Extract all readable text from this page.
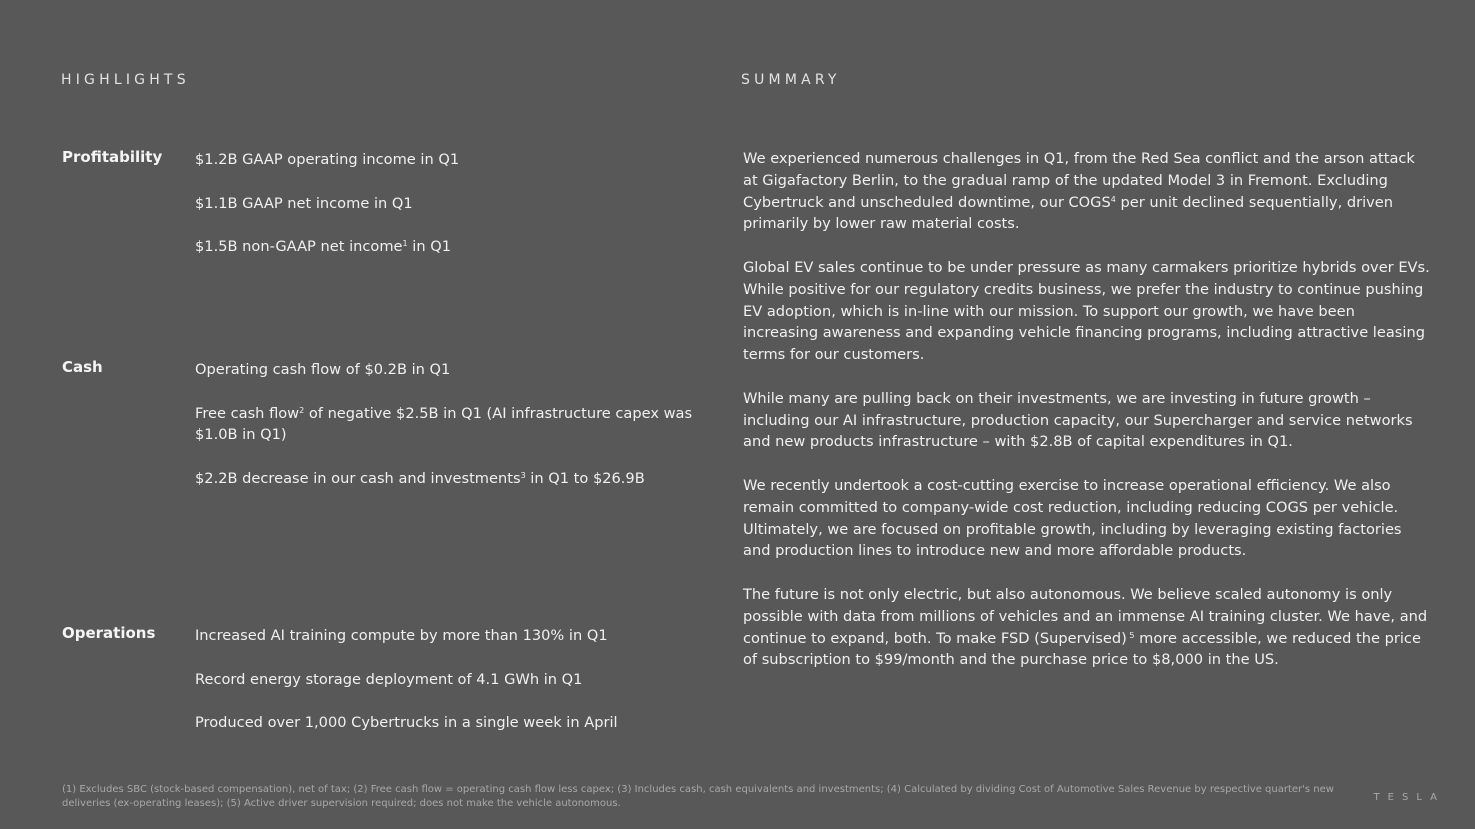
HIGHLIGHTS	SUMMARY
Profitability $1.2B GAAP operating income in Q1
$1.1B GAAP net income in Q1
$1.5B non-GAAP net income$^1$ in Q1
Cash	Operating cash flow of $0.2B in Q1
Free cash flow$^2$ of negative $2.5B in Q1 (AI infrastructure capex was $1.0B in Q1)
$2.2B decrease in our cash and investments$^3$ in Q1 to $26.9B
Operations	Increased AI training compute by more than 130% in Q1
Record energy storage deployment of 4.1 GWh in Q1
Produced over 1,000 Cybertrucks in a single week in April

We experienced numerous challenges in Q1, from the Red Sea conflict and the arson attack at Gigafactory Berlin, to the gradual ramp of the updated Model 3 in Fremont. Excluding Cybertruck and unscheduled downtime, our COGS$^4$ per unit declined sequentially, driven primarily by lower raw material costs.

Global EV sales continue to be under pressure as many carmakers prioritize hybrids over EVs. While positive for our regulatory credits business, we prefer the industry to continue pushing EV adoption, which is in-line with our mission. To support our growth, we have been increasing awareness and expanding vehicle financing programs, including attractive leasing terms for our customers.

While many are pulling back on their investments, we are investing in future growth – including our AI infrastructure, production capacity, our Supercharger and service networks and new products infrastructure – with $2.8B of capital expenditures in Q1.

We recently undertook a cost-cutting exercise to increase operational efficiency. We also remain committed to company-wide cost reduction, including reducing COGS per vehicle. Ultimately, we are focused on profitable growth, including by leveraging existing factories and production lines to introduce new and more affordable products.

The future is not only electric, but also autonomous. We believe scaled autonomy is only possible with data from millions of vehicles and an immense AI training cluster. We have, and continue to expand, both. To make FSD (Supervised) $^5$ more accessible, we reduced the price of subscription to $99/month and the purchase price to $8,000 in the US.

(1) Excludes SBC (stock-based compensation), net of tax; (2) Free cash flow = operating cash flow less capex; (3) Includes cash, cash equivalents and investments; (4) Calculated by dividing Cost of Automotive Sales Revenue by respective quarter's new deliveries (ex-operating leases); (5) Active driver supervision required; does not make the vehicle autonomous.	TESLA
